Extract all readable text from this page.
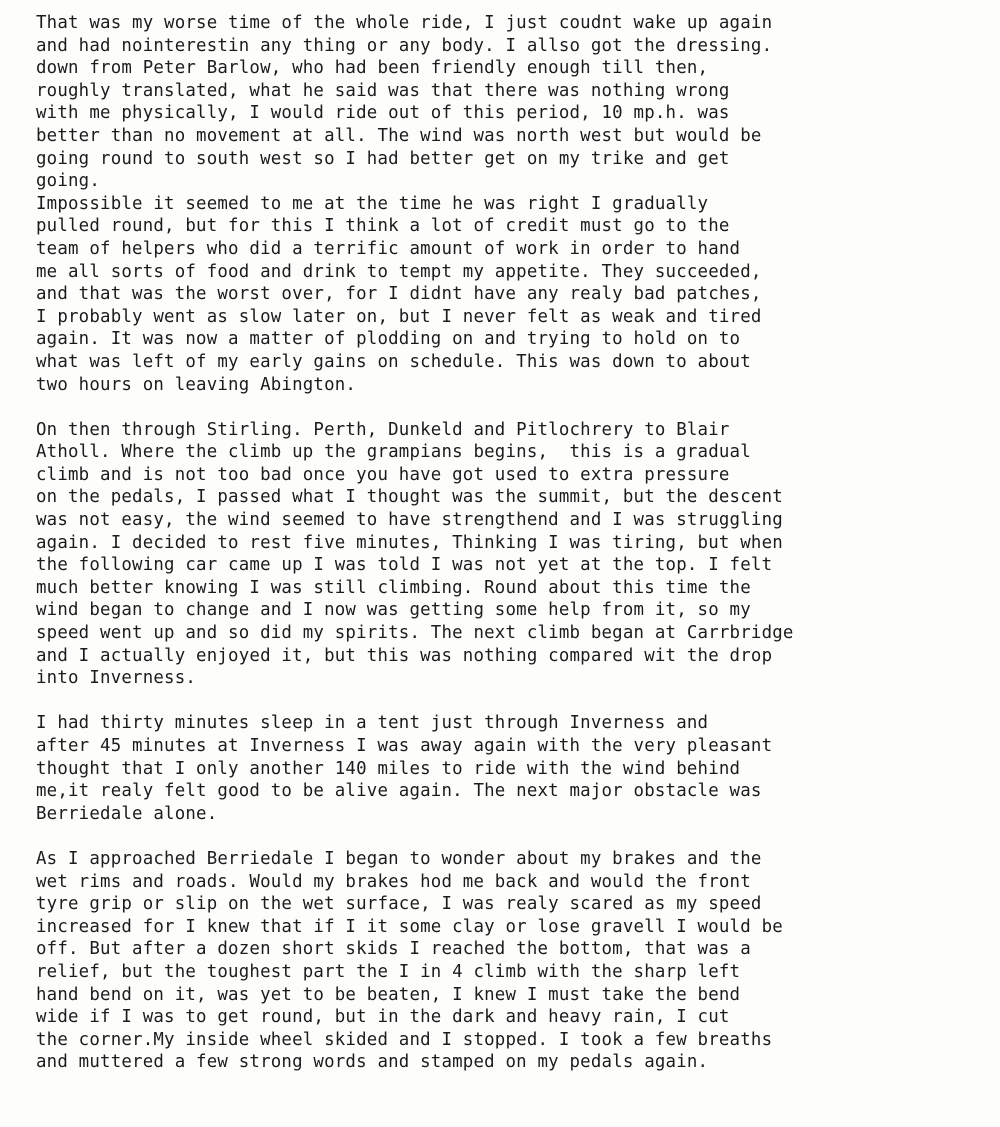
That was my worse time of the whole ride, I just coudnt wake up again
and had nointerestin any thing or any body. I allso got the dressing.
down from Peter Barlow, who had been friendly enough till then,
roughly translated, what he said was that there was nothing wrong
with me physically, I would ride out of this period, 10 mp.h. was
better than no movement at all. The wind was north west but would be
going round to south west so I had better get on my trike and get
going.
Impossible it seemed to me at the time he was right I gradually
pulled round, but for this I think a lot of credit must go to the
team of helpers who did a terrific amount of work in order to hand
me all sorts of food and drink to tempt my appetite. They succeeded,
and that was the worst over, for I didnt have any realy bad patches,
I probably went as slow later on, but I never felt as weak and tired
again. It was now a matter of plodding on and trying to hold on to
what was left of my early gains on schedule. This was down to about
two hours on leaving Abington.
On then through Stirling. Perth, Dunkeld and Pitlochrery to Blair
Atholl. Where the climb up the grampians begins,  this is a gradual
climb and is not too bad once you have got used to extra pressure
on the pedals, I passed what I thought was the summit, but the descent
was not easy, the wind seemed to have strengthend and I was struggling
again. I decided to rest five minutes, Thinking I was tiring, but when
the following car came up I was told I was not yet at the top. I felt
much better knowing I was still climbing. Round about this time the
wind began to change and I now was getting some help from it, so my
speed went up and so did my spirits. The next climb began at Carrbridge
and I actually enjoyed it, but this was nothing compared wit the drop
into Inverness.
I had thirty minutes sleep in a tent just through Inverness and
after 45 minutes at Inverness I was away again with the very pleasant
thought that I only another 140 miles to ride with the wind behind
me,it realy felt good to be alive again. The next major obstacle was
Berriedale alone.
As I approached Berriedale I began to wonder about my brakes and the
wet rims and roads. Would my brakes hod me back and would the front
tyre grip or slip on the wet surface, I was realy scared as my speed
increased for I knew that if I it some clay or lose gravell I would be
off. But after a dozen short skids I reached the bottom, that was a
relief, but the toughest part the I in 4 climb with the sharp left
hand bend on it, was yet to be beaten, I knew I must take the bend
wide if I was to get round, but in the dark and heavy rain, I cut
the corner.My inside wheel skided and I stopped. I took a few breaths
and muttered a few strong words and stamped on my pedals again.
